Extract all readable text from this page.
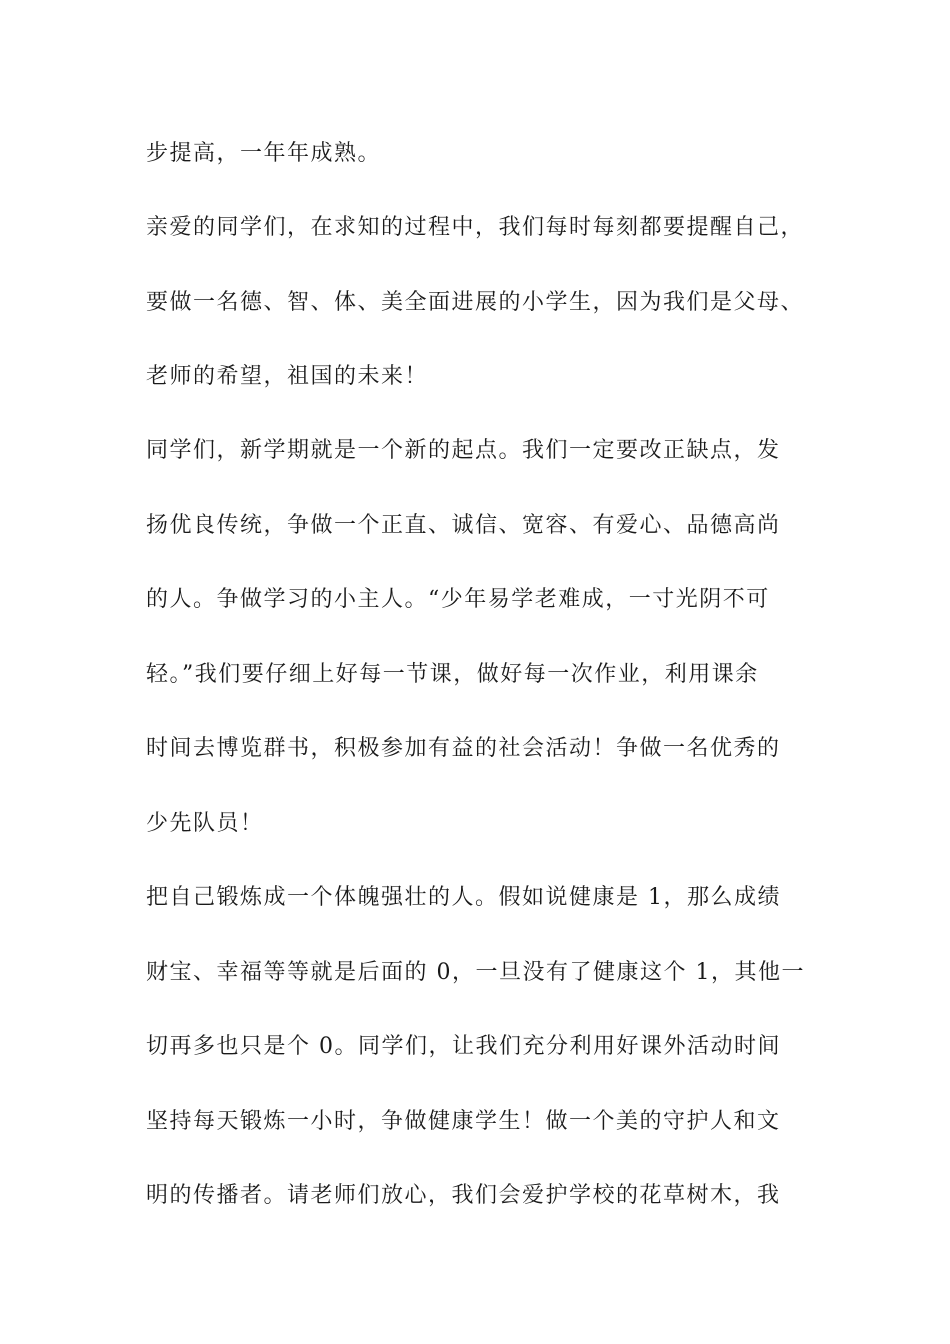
步提高，一年年成熟。
亲爱的同学们，在求知的过程中，我们每时每刻都要提醒自己，
要做一名德、智、体、美全面进展的小学生，因为我们是父母、
老师的希望，祖国的未来！
同学们，新学期就是一个新的起点。我们一定要改正缺点，发
扬优良传统，争做一个正直、诚信、宽容、有爱心、品德高尚
的人。争做学习的小主人。“少年易学老难成，一寸光阴不可
轻。”我们要仔细上好每一节课，做好每一次作业，利用课余
时间去博览群书，积极参加有益的社会活动！争做一名优秀的
少先队员！
把自己锻炼成一个体魄强壮的人。假如说健康是 1，那么成绩
财宝、幸福等等就是后面的 0，一旦没有了健康这个 1，其他一
切再多也只是个 0。同学们，让我们充分利用好课外活动时间
坚持每天锻炼一小时，争做健康学生！做一个美的守护人和文
明的传播者。请老师们放心，我们会爱护学校的花草树木，我
